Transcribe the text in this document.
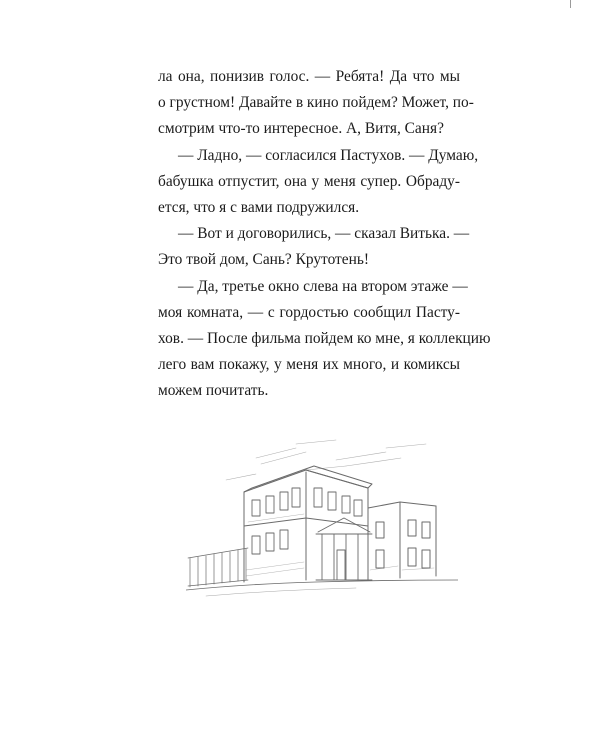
ла она, понизив голос. — Ребята! Да что мы
о грустном! Давайте в кино пойдем? Может, по-
смотрим что-то интересное. А, Витя, Саня?
— Ладно, — согласился Пастухов. — Думаю,
бабушка отпустит, она у меня супер. Обраду-
ется, что я с вами подружился.
— Вот и договорились, — сказал Витька. —
Это твой дом, Сань? Крутотень!
— Да, третье окно слева на втором этаже —
моя комната, — с гордостью сообщил Пасту-
хов. — После фильма пойдем ко мне, я коллекцию
лего вам покажу, у меня их много, и комиксы
можем почитать.
